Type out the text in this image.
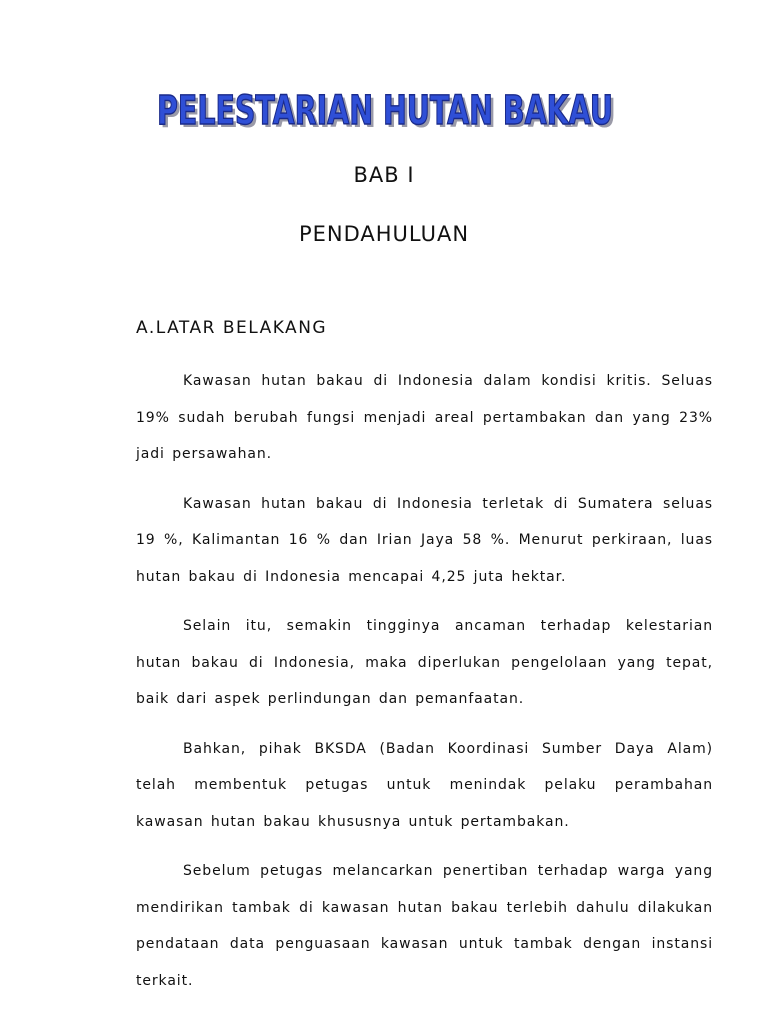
PELESTARIAN HUTAN BAKAU
PELESTARIAN HUTAN BAKAU
BAB I
PENDAHULUAN
A.LATAR BELAKANG

Kawasan hutan bakau di Indonesia dalam kondisi kritis. Seluas 19% sudah berubah fungsi menjadi areal pertambakan dan yang 23% jadi persawahan.

Kawasan hutan bakau di Indonesia terletak di Sumatera seluas 19 %, Kalimantan 16 % dan Irian Jaya 58 %. Menurut perkiraan, luas hutan bakau di Indonesia mencapai 4,25 juta hektar.

Selain itu, semakin tingginya ancaman terhadap kelestarian hutan bakau di Indonesia, maka diperlukan pengelolaan yang tepat, baik dari aspek perlindungan dan pemanfaatan.

Bahkan, pihak BKSDA (Badan Koordinasi Sumber Daya Alam) telah membentuk petugas untuk menindak pelaku perambahan kawasan hutan bakau khususnya untuk pertambakan.

Sebelum petugas melancarkan penertiban terhadap warga yang mendirikan tambak di kawasan hutan bakau terlebih dahulu dilakukan pendataan data penguasaan kawasan untuk tambak dengan instansi terkait.
